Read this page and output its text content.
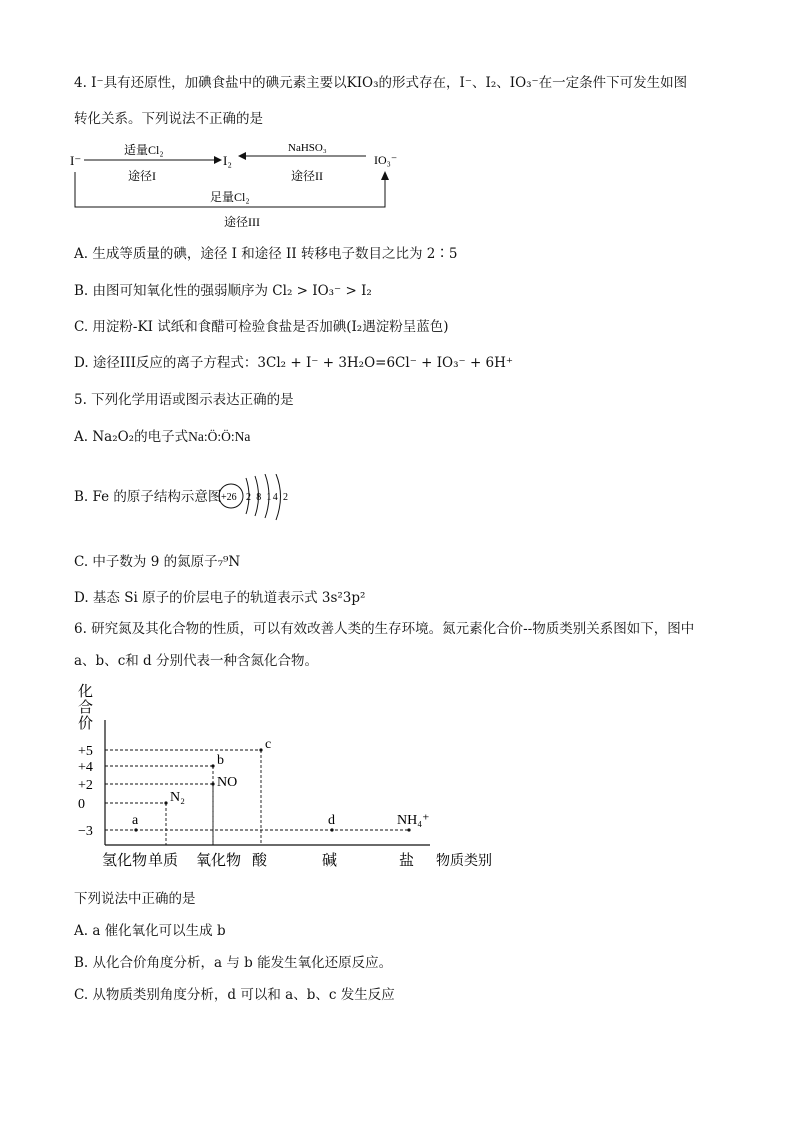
4. I⁻具有还原性，加碘食盐中的碘元素主要以KIO₃的形式存在，I⁻、I₂、IO₃⁻在一定条件下可发生如图
转化关系。下列说法不正确的是
I⁻	I₂	IO₃⁻
适量Cl₂
途径I
NaHSO₃
途径II
足量Cl₂
途径III
A. 生成等质量的碘，途径 I 和途径 II 转移电子数目之比为 2∶5
B. 由图可知氧化性的强弱顺序为 Cl₂ > IO₃⁻ > I₂
C. 用淀粉-KI 试纸和食醋可检验食盐是否加碘(I₂遇淀粉呈蓝色)
D. 途径III反应的离子方程式：3Cl₂ + I⁻ + 3H₂O=6Cl⁻ + IO₃⁻ + 6H⁺
5. 下列化学用语或图示表达正确的是
A. Na₂O₂的电子式Na:Ö:Ö:Na
B. Fe 的原子结构示意图 +26 2 8 14 2
C. 中子数为 9 的氮原子₇⁹N
D. 基态 Si 原子的价层电子的轨道表示式 3s²3p²
6. 研究氮及其化合物的性质，可以有效改善人类的生存环境。氮元素化合价--物质类别关系图如下，图中
a、b、c和 d 分别代表一种含氮化合物。
化
合
价
物质类别
+5
+4
+2
0
−3
氢化物 单质 氧化物 酸	碱	盐
a
N₂
NO
b
c
d	NH₄⁺
下列说法中正确的是
A. a 催化氧化可以生成 b
B. 从化合价角度分析，a 与 b 能发生氧化还原反应。
C. 从物质类别角度分析，d 可以和 a、b、c 发生反应
